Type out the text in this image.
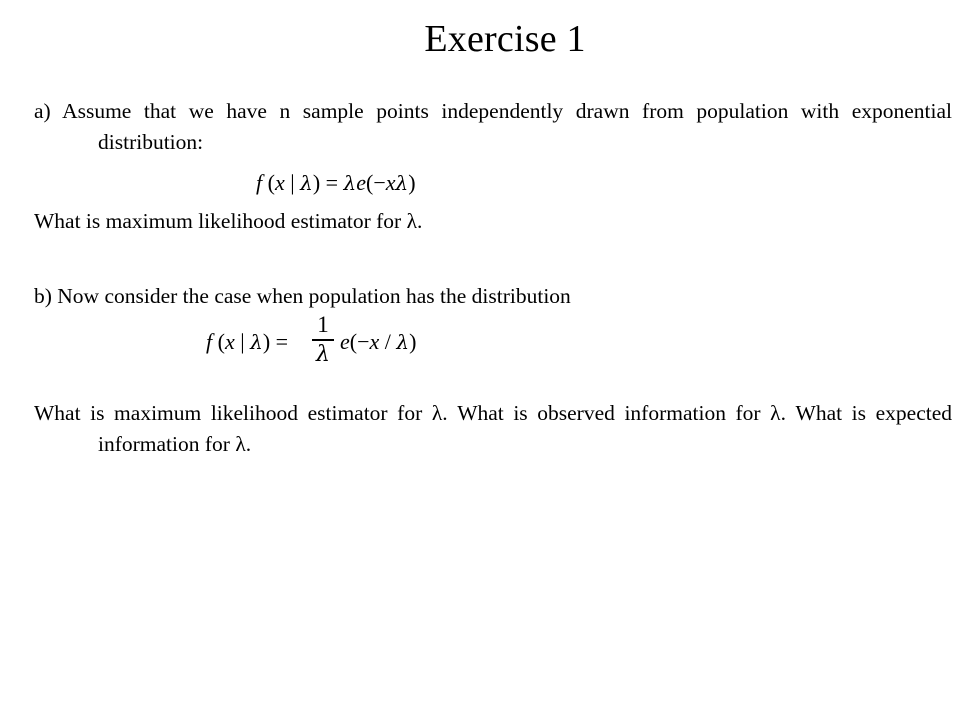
Exercise 1
a) Assume that we have n sample points independently drawn from population with exponential distribution:
f (x | λ) = λe(−xλ)
What is maximum likelihood estimator for λ.
b) Now consider the case when population has the distribution
f (x | λ) =
1
λ
e(−x / λ)
What is maximum likelihood estimator for λ. What is observed information for λ. What is expected information for λ.
